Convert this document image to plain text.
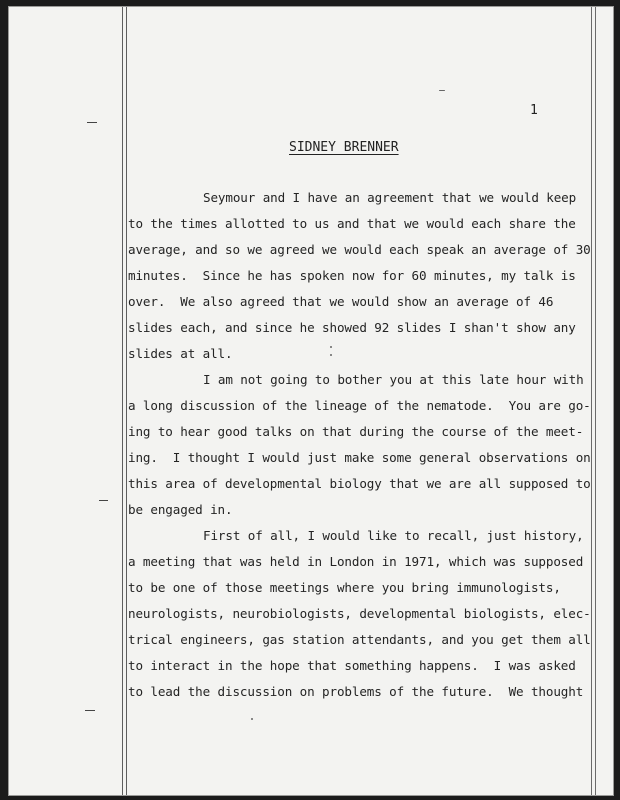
1
SIDNEY BRENNER
Seymour and I have an agreement that we would keep
to the times allotted to us and that we would each share the
average, and so we agreed we would each speak an average of 30
minutes.  Since he has spoken now for 60 minutes, my talk is
over.  We also agreed that we would show an average of 46
slides each, and since he showed 92 slides I shan't show any
slides at all.
I am not going to bother you at this late hour with
a long discussion of the lineage of the nematode.  You are go-
ing to hear good talks on that during the course of the meet-
ing.  I thought I would just make some general observations on
this area of developmental biology that we are all supposed to
be engaged in.
First of all, I would like to recall, just history,
a meeting that was held in London in 1971, which was supposed
to be one of those meetings where you bring immunologists,
neurologists, neurobiologists, developmental biologists, elec-
trical engineers, gas station attendants, and you get them all
to interact in the hope that something happens.  I was asked
to lead the discussion on problems of the future.  We thought
